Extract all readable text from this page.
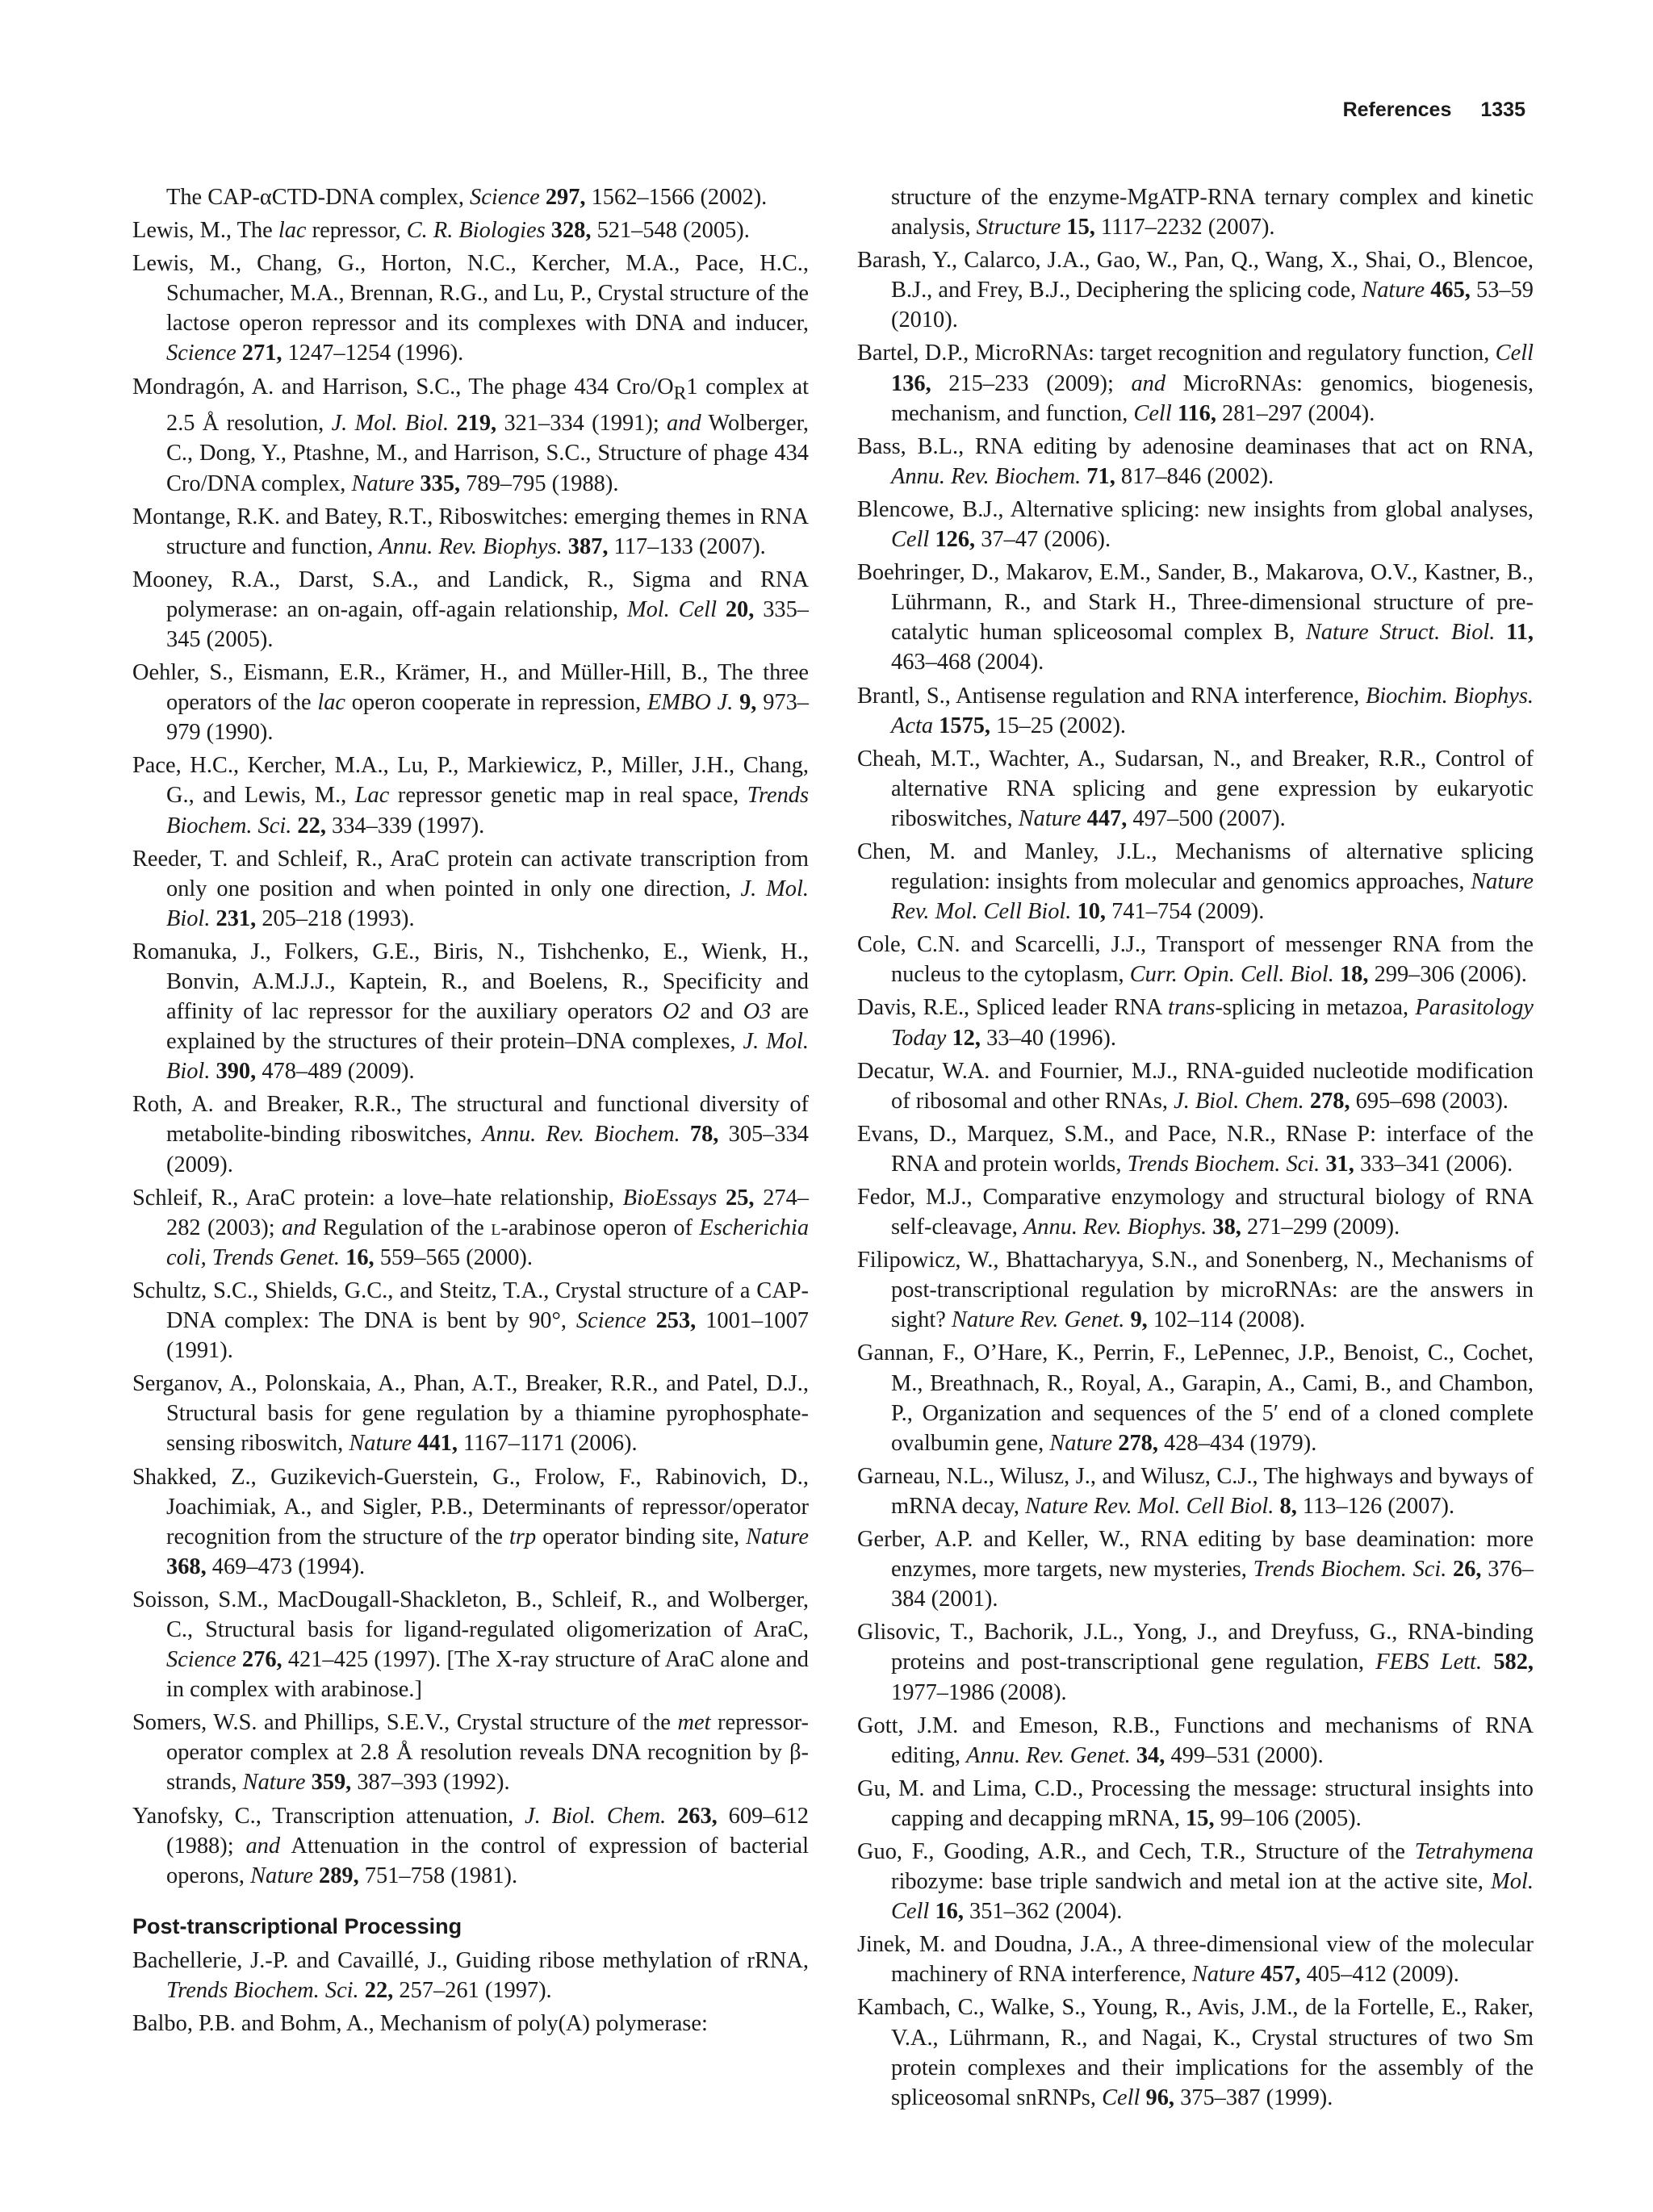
References 1335

The CAP-αCTD-DNA complex, Science 297, 1562–1566 (2002).

Lewis, M., The lac repressor, C. R. Biologies 328, 521–548 (2005).

Lewis, M., Chang, G., Horton, N.C., Kercher, M.A., Pace, H.C., Schumacher, M.A., Brennan, R.G., and Lu, P., Crystal structure of the lactose operon repressor and its complexes with DNA and inducer, Science 271, 1247–1254 (1996).

Mondragón, A. and Harrison, S.C., The phage 434 Cro/$O_R1$ complex at 2.5 Å resolution, J. Mol. Biol. 219, 321–334 (1991); and Wolberger, C., Dong, Y., Ptashne, M., and Harrison, S.C., Structure of phage 434 Cro/DNA complex, Nature 335, 789–795 (1988).

Montange, R.K. and Batey, R.T., Riboswitches: emerging themes in RNA structure and function, Annu. Rev. Biophys. 387, 117–133 (2007).

Mooney, R.A., Darst, S.A., and Landick, R., Sigma and RNA polymerase: an on-again, off-again relationship, Mol. Cell 20, 335–345 (2005).

Oehler, S., Eismann, E.R., Krämer, H., and Müller-Hill, B., The three operators of the lac operon cooperate in repression, EMBO J. 9, 973–979 (1990).

Pace, H.C., Kercher, M.A., Lu, P., Markiewicz, P., Miller, J.H., Chang, G., and Lewis, M., Lac repressor genetic map in real space, Trends Biochem. Sci. 22, 334–339 (1997).

Reeder, T. and Schleif, R., AraC protein can activate transcription from only one position and when pointed in only one direction, J. Mol. Biol. 231, 205–218 (1993).

Romanuka, J., Folkers, G.E., Biris, N., Tishchenko, E., Wienk, H., Bonvin, A.M.J.J., Kaptein, R., and Boelens, R., Specificity and affinity of lac repressor for the auxiliary operators O2 and O3 are explained by the structures of their protein–DNA complexes, J. Mol. Biol. 390, 478–489 (2009).

Roth, A. and Breaker, R.R., The structural and functional diversity of metabolite-binding riboswitches, Annu. Rev. Biochem. 78, 305–334 (2009).

Schleif, R., AraC protein: a love–hate relationship, BioEssays 25, 274–282 (2003); and Regulation of the l-arabinose operon of Escherichia coli, Trends Genet. 16, 559–565 (2000).

Schultz, S.C., Shields, G.C., and Steitz, T.A., Crystal structure of a CAP-DNA complex: The DNA is bent by 90°, Science 253, 1001–1007 (1991).

Serganov, A., Polonskaia, A., Phan, A.T., Breaker, R.R., and Patel, D.J., Structural basis for gene regulation by a thiamine pyrophosphate-sensing riboswitch, Nature 441, 1167–1171 (2006).

Shakked, Z., Guzikevich-Guerstein, G., Frolow, F., Rabinovich, D., Joachimiak, A., and Sigler, P.B., Determinants of repressor/operator recognition from the structure of the trp operator binding site, Nature 368, 469–473 (1994).

Soisson, S.M., MacDougall-Shackleton, B., Schleif, R., and Wolberger, C., Structural basis for ligand-regulated oligomerization of AraC, Science 276, 421–425 (1997). [The X-ray structure of AraC alone and in complex with arabinose.]

Somers, W.S. and Phillips, S.E.V., Crystal structure of the met repressor-operator complex at 2.8 Å resolution reveals DNA recognition by β-strands, Nature 359, 387–393 (1992).

Yanofsky, C., Transcription attenuation, J. Biol. Chem. 263, 609–612 (1988); and Attenuation in the control of expression of bacterial operons, Nature 289, 751–758 (1981).

Post-transcriptional Processing

Bachellerie, J.-P. and Cavaillé, J., Guiding ribose methylation of rRNA, Trends Biochem. Sci. 22, 257–261 (1997).

Balbo, P.B. and Bohm, A., Mechanism of poly(A) polymerase:

structure of the enzyme-MgATP-RNA ternary complex and kinetic analysis, Structure 15, 1117–2232 (2007).

Barash, Y., Calarco, J.A., Gao, W., Pan, Q., Wang, X., Shai, O., Blencoe, B.J., and Frey, B.J., Deciphering the splicing code, Nature 465, 53–59 (2010).

Bartel, D.P., MicroRNAs: target recognition and regulatory function, Cell 136, 215–233 (2009); and MicroRNAs: genomics, biogenesis, mechanism, and function, Cell 116, 281–297 (2004).

Bass, B.L., RNA editing by adenosine deaminases that act on RNA, Annu. Rev. Biochem. 71, 817–846 (2002).

Blencowe, B.J., Alternative splicing: new insights from global analyses, Cell 126, 37–47 (2006).

Boehringer, D., Makarov, E.M., Sander, B., Makarova, O.V., Kastner, B., Lührmann, R., and Stark H., Three-dimensional structure of pre-catalytic human spliceosomal complex B, Nature Struct. Biol. 11, 463–468 (2004).

Brantl, S., Antisense regulation and RNA interference, Biochim. Biophys. Acta 1575, 15–25 (2002).

Cheah, M.T., Wachter, A., Sudarsan, N., and Breaker, R.R., Control of alternative RNA splicing and gene expression by eukaryotic riboswitches, Nature 447, 497–500 (2007).

Chen, M. and Manley, J.L., Mechanisms of alternative splicing regulation: insights from molecular and genomics approaches, Nature Rev. Mol. Cell Biol. 10, 741–754 (2009).

Cole, C.N. and Scarcelli, J.J., Transport of messenger RNA from the nucleus to the cytoplasm, Curr. Opin. Cell. Biol. 18, 299–306 (2006).

Davis, R.E., Spliced leader RNA trans-splicing in metazoa, Parasitology Today 12, 33–40 (1996).

Decatur, W.A. and Fournier, M.J., RNA-guided nucleotide modification of ribosomal and other RNAs, J. Biol. Chem. 278, 695–698 (2003).

Evans, D., Marquez, S.M., and Pace, N.R., RNase P: interface of the RNA and protein worlds, Trends Biochem. Sci. 31, 333–341 (2006).

Fedor, M.J., Comparative enzymology and structural biology of RNA self-cleavage, Annu. Rev. Biophys. 38, 271–299 (2009).

Filipowicz, W., Bhattacharyya, S.N., and Sonenberg, N., Mechanisms of post-transcriptional regulation by microRNAs: are the answers in sight? Nature Rev. Genet. 9, 102–114 (2008).

Gannan, F., O’Hare, K., Perrin, F., LePennec, J.P., Benoist, C., Cochet, M., Breathnach, R., Royal, A., Garapin, A., Cami, B., and Chambon, P., Organization and sequences of the 5′ end of a cloned complete ovalbumin gene, Nature 278, 428–434 (1979).

Garneau, N.L., Wilusz, J., and Wilusz, C.J., The highways and byways of mRNA decay, Nature Rev. Mol. Cell Biol. 8, 113–126 (2007).

Gerber, A.P. and Keller, W., RNA editing by base deamination: more enzymes, more targets, new mysteries, Trends Biochem. Sci. 26, 376–384 (2001).

Glisovic, T., Bachorik, J.L., Yong, J., and Dreyfuss, G., RNA-binding proteins and post-transcriptional gene regulation, FEBS Lett. 582, 1977–1986 (2008).

Gott, J.M. and Emeson, R.B., Functions and mechanisms of RNA editing, Annu. Rev. Genet. 34, 499–531 (2000).

Gu, M. and Lima, C.D., Processing the message: structural insights into capping and decapping mRNA, 15, 99–106 (2005).

Guo, F., Gooding, A.R., and Cech, T.R., Structure of the Tetrahymena ribozyme: base triple sandwich and metal ion at the active site, Mol. Cell 16, 351–362 (2004).

Jinek, M. and Doudna, J.A., A three-dimensional view of the molecular machinery of RNA interference, Nature 457, 405–412 (2009).

Kambach, C., Walke, S., Young, R., Avis, J.M., de la Fortelle, E., Raker, V.A., Lührmann, R., and Nagai, K., Crystal structures of two Sm protein complexes and their implications for the assembly of the spliceosomal snRNPs, Cell 96, 375–387 (1999).
